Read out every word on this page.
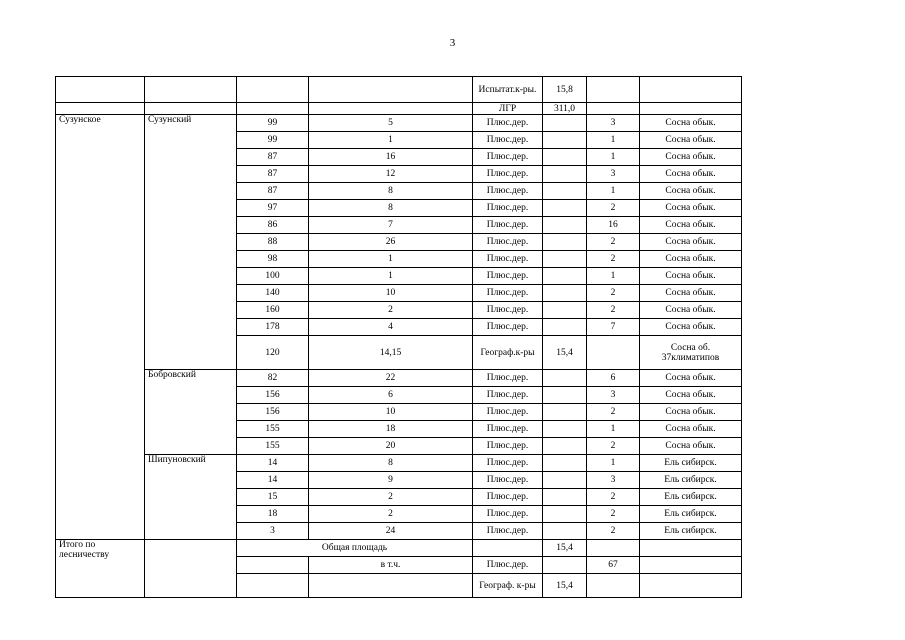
3
				Испытат.к-ры.	15,8		
				ЛГР	311,0		
Сузунское	Сузунский	99	5	Плюс.дер.		3	Сосна обык.
		99	1	Плюс.дер.		1	Сосна обык.
		87	16	Плюс.дер.		1	Сосна обык.
		87	12	Плюс.дер.		3	Сосна обык.
		87	8	Плюс.дер.		1	Сосна обык.
		97	8	Плюс.дер.		2	Сосна обык.
		86	7	Плюс.дер.		16	Сосна обык.
		88	26	Плюс.дер.		2	Сосна обык.
		98	1	Плюс.дер.		2	Сосна обык.
		100	1	Плюс.дер.		1	Сосна обык.
		140	10	Плюс.дер.		2	Сосна обык.
		160	2	Плюс.дер.		2	Сосна обык.
		178	4	Плюс.дер.		7	Сосна обык.
		120	14,15	Географ.к-ры	15,4		Сосна об. 37климатипов
	Бобровский	82	22	Плюс.дер.		6	Сосна обык.
		156	6	Плюс.дер.		3	Сосна обык.
		156	10	Плюс.дер.		2	Сосна обык.
		155	18	Плюс.дер.		1	Сосна обык.
		155	20	Плюс.дер.		2	Сосна обык.
	Шипуновский	14	8	Плюс.дер.		1	Ель сибирск.
		14	9	Плюс.дер.		3	Ель сибирск.
		15	2	Плюс.дер.		2	Ель сибирск.
		18	2	Плюс.дер.		2	Ель сибирск.
		3	24	Плюс.дер.		2	Ель сибирск.
Итого по лесничеству		Общая площадь			15,4		
			в т.ч.	Плюс.дер.		67	
				Географ. к-ры	15,4		
